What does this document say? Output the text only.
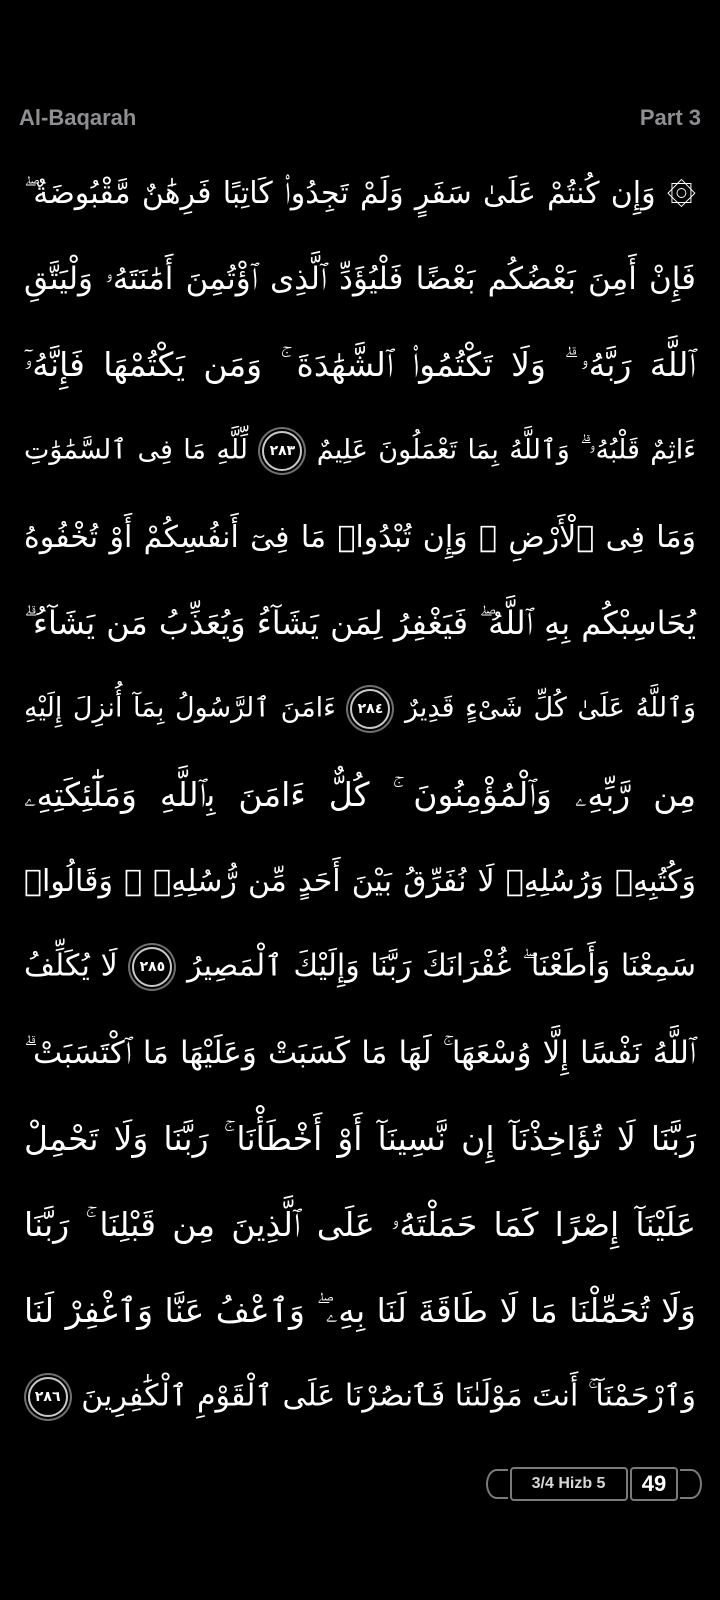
Al-Baqarah	Part 3
۞ وَإِن كُنتُمْ عَلَىٰ سَفَرٍ وَلَمْ تَجِدُوا۟ كَاتِبًا فَرِهَٰنٌ مَّقْبُوضَةٌ ۖ
فَإِنْ أَمِنَ بَعْضُكُم بَعْضًا فَلْيُؤَدِّ ٱلَّذِى ٱؤْتُمِنَ أَمَٰنَتَهُۥ وَلْيَتَّقِ
ٱللَّهَ رَبَّهُۥ ۗ وَلَا تَكْتُمُوا۟ ٱلشَّهَٰدَةَ ۚ وَمَن يَكْتُمْهَا فَإِنَّهُۥٓ
ءَاثِمٌ قَلْبُهُۥ ۗ وَٱللَّهُ بِمَا تَعْمَلُونَ عَلِيمٌ ٢٨٣ لِّلَّهِ مَا فِى ٱلسَّمَٰوَٰتِ
وَمَا فِى ٱلْأَرْضِ ۗ وَإِن تُبْدُوا۟ مَا فِىٓ أَنفُسِكُمْ أَوْ تُخْفُوهُ
يُحَاسِبْكُم بِهِ ٱللَّهُ ۖ فَيَغْفِرُ لِمَن يَشَآءُ وَيُعَذِّبُ مَن يَشَآءُ ۗ
وَٱللَّهُ عَلَىٰ كُلِّ شَىْءٍ قَدِيرٌ ٢٨٤ ءَامَنَ ٱلرَّسُولُ بِمَآ أُنزِلَ إِلَيْهِ
مِن رَّبِّهِۦ وَٱلْمُؤْمِنُونَ ۚ كُلٌّ ءَامَنَ بِٱللَّهِ وَمَلَٰٓئِكَتِهِۦ
وَكُتُبِهِۦ وَرُسُلِهِۦ لَا نُفَرِّقُ بَيْنَ أَحَدٍ مِّن رُّسُلِهِۦ ۚ وَقَالُوا۟
سَمِعْنَا وَأَطَعْنَا ۖ غُفْرَانَكَ رَبَّنَا وَإِلَيْكَ ٱلْمَصِيرُ ٢٨٥ لَا يُكَلِّفُ
ٱللَّهُ نَفْسًا إِلَّا وُسْعَهَا ۚ لَهَا مَا كَسَبَتْ وَعَلَيْهَا مَا ٱكْتَسَبَتْ ۗ
رَبَّنَا لَا تُؤَاخِذْنَآ إِن نَّسِينَآ أَوْ أَخْطَأْنَا ۚ رَبَّنَا وَلَا تَحْمِلْ
عَلَيْنَآ إِصْرًا كَمَا حَمَلْتَهُۥ عَلَى ٱلَّذِينَ مِن قَبْلِنَا ۚ رَبَّنَا
وَلَا تُحَمِّلْنَا مَا لَا طَاقَةَ لَنَا بِهِۦ ۖ وَٱعْفُ عَنَّا وَٱغْفِرْ لَنَا
وَٱرْحَمْنَآ ۚ أَنتَ مَوْلَىٰنَا فَٱنصُرْنَا عَلَى ٱلْقَوْمِ ٱلْكَٰفِرِينَ ٢٨٦
3/4 Hizb 5	49
